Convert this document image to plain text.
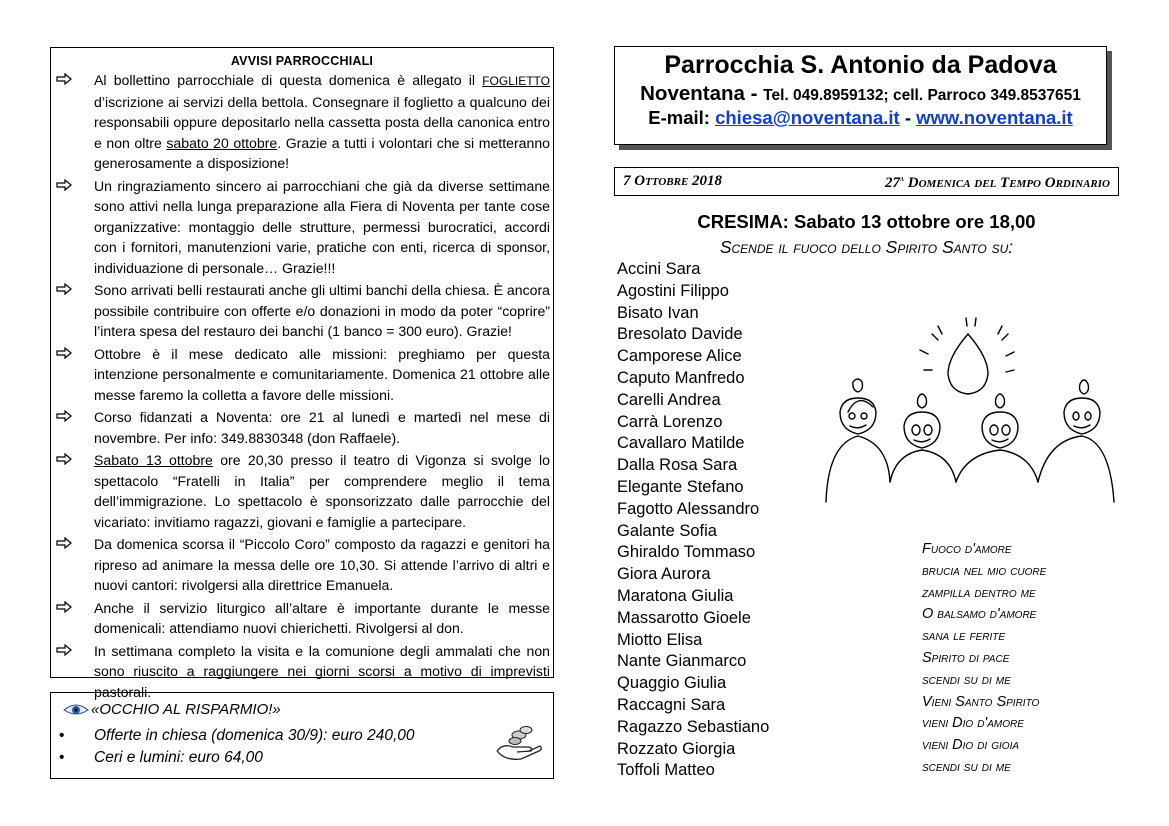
AVVISI PARROCCHIALI
Al bollettino parrocchiale di questa domenica è allegato il FOGLIETTO d’iscrizione ai servizi della bettola. Consegnare il foglietto a qualcuno dei responsabili oppure depositarlo nella cassetta posta della canonica entro e non oltre sabato 20 ottobre. Grazie a tutti i volontari che si metteranno generosamente a disposizione!
Un ringraziamento sincero ai parrocchiani che già da diverse settimane sono attivi nella lunga preparazione alla Fiera di Noventa per tante cose organizzative: montaggio delle strutture, permessi burocratici, accordi con i fornitori, manutenzioni varie, pratiche con enti, ricerca di sponsor, individuazione di personale… Grazie!!!
Sono arrivati belli restaurati anche gli ultimi banchi della chiesa. È ancora possibile contribuire con offerte e/o donazioni in modo da poter “coprire” l’intera spesa del restauro dei banchi (1 banco = 300 euro). Grazie!
Ottobre è il mese dedicato alle missioni: preghiamo per questa intenzione personalmente e comunitariamente. Domenica 21 ottobre alle messe faremo la colletta a favore delle missioni.
Corso fidanzati a Noventa: ore 21 al lunedì e martedì nel mese di novembre. Per info: 349.8830348 (don Raffaele).
Sabato 13 ottobre ore 20,30 presso il teatro di Vigonza si svolge lo spettacolo “Fratelli in Italia” per comprendere meglio il tema dell’immigrazione. Lo spettacolo è sponsorizzato dalle parrocchie del vicariato: invitiamo ragazzi, giovani e famiglie a partecipare.
Da domenica scorsa il “Piccolo Coro” composto da ragazzi e genitori ha ripreso ad animare la messa delle ore 10,30. Si attende l’arrivo di altri e nuovi cantori: rivolgersi alla direttrice Emanuela.
Anche il servizio liturgico all’altare è importante durante le messe domenicali: attendiamo nuovi chierichetti. Rivolgersi al don.
In settimana completo la visita e la comunione degli ammalati che non sono riuscito a raggiungere nei giorni scorsi a motivo di imprevisti pastorali.
«OCCHIO AL RISPARMIO!»
• Offerte in chiesa (domenica 30/9): euro 240,00
• Ceri e lumini: euro 64,00
Parrocchia S. Antonio da Padova
Noventana - Tel. 049.8959132; cell. Parroco 349.8537651
E-mail: chiesa@noventana.it - www.noventana.it
7 Ottobre 2018	27$^a$ Domenica del Tempo Ordinario
CRESIMA: Sabato 13 ottobre ore 18,00
Scende il fuoco dello Spirito Santo su:
Accini Sara
Agostini Filippo
Bisato Ivan
Bresolato Davide
Camporese Alice
Caputo Manfredo
Carelli Andrea
Carrà Lorenzo
Cavallaro Matilde
Dalla Rosa Sara
Elegante Stefano
Fagotto Alessandro
Galante Sofia
Ghiraldo Tommaso
Giora Aurora
Maratona Giulia
Massarotto Gioele
Miotto Elisa
Nante Gianmarco
Quaggio Giulia
Raccagni Sara
Ragazzo Sebastiano
Rozzato Giorgia
Toffoli Matteo
Fuoco d'amore
brucia nel mio cuore
zampilla dentro me
O balsamo d'amore
sana le ferite
Spirito di pace
scendi su di me
Vieni Santo Spirito
vieni Dio d'amore
vieni Dio di gioia
scendi su di me
